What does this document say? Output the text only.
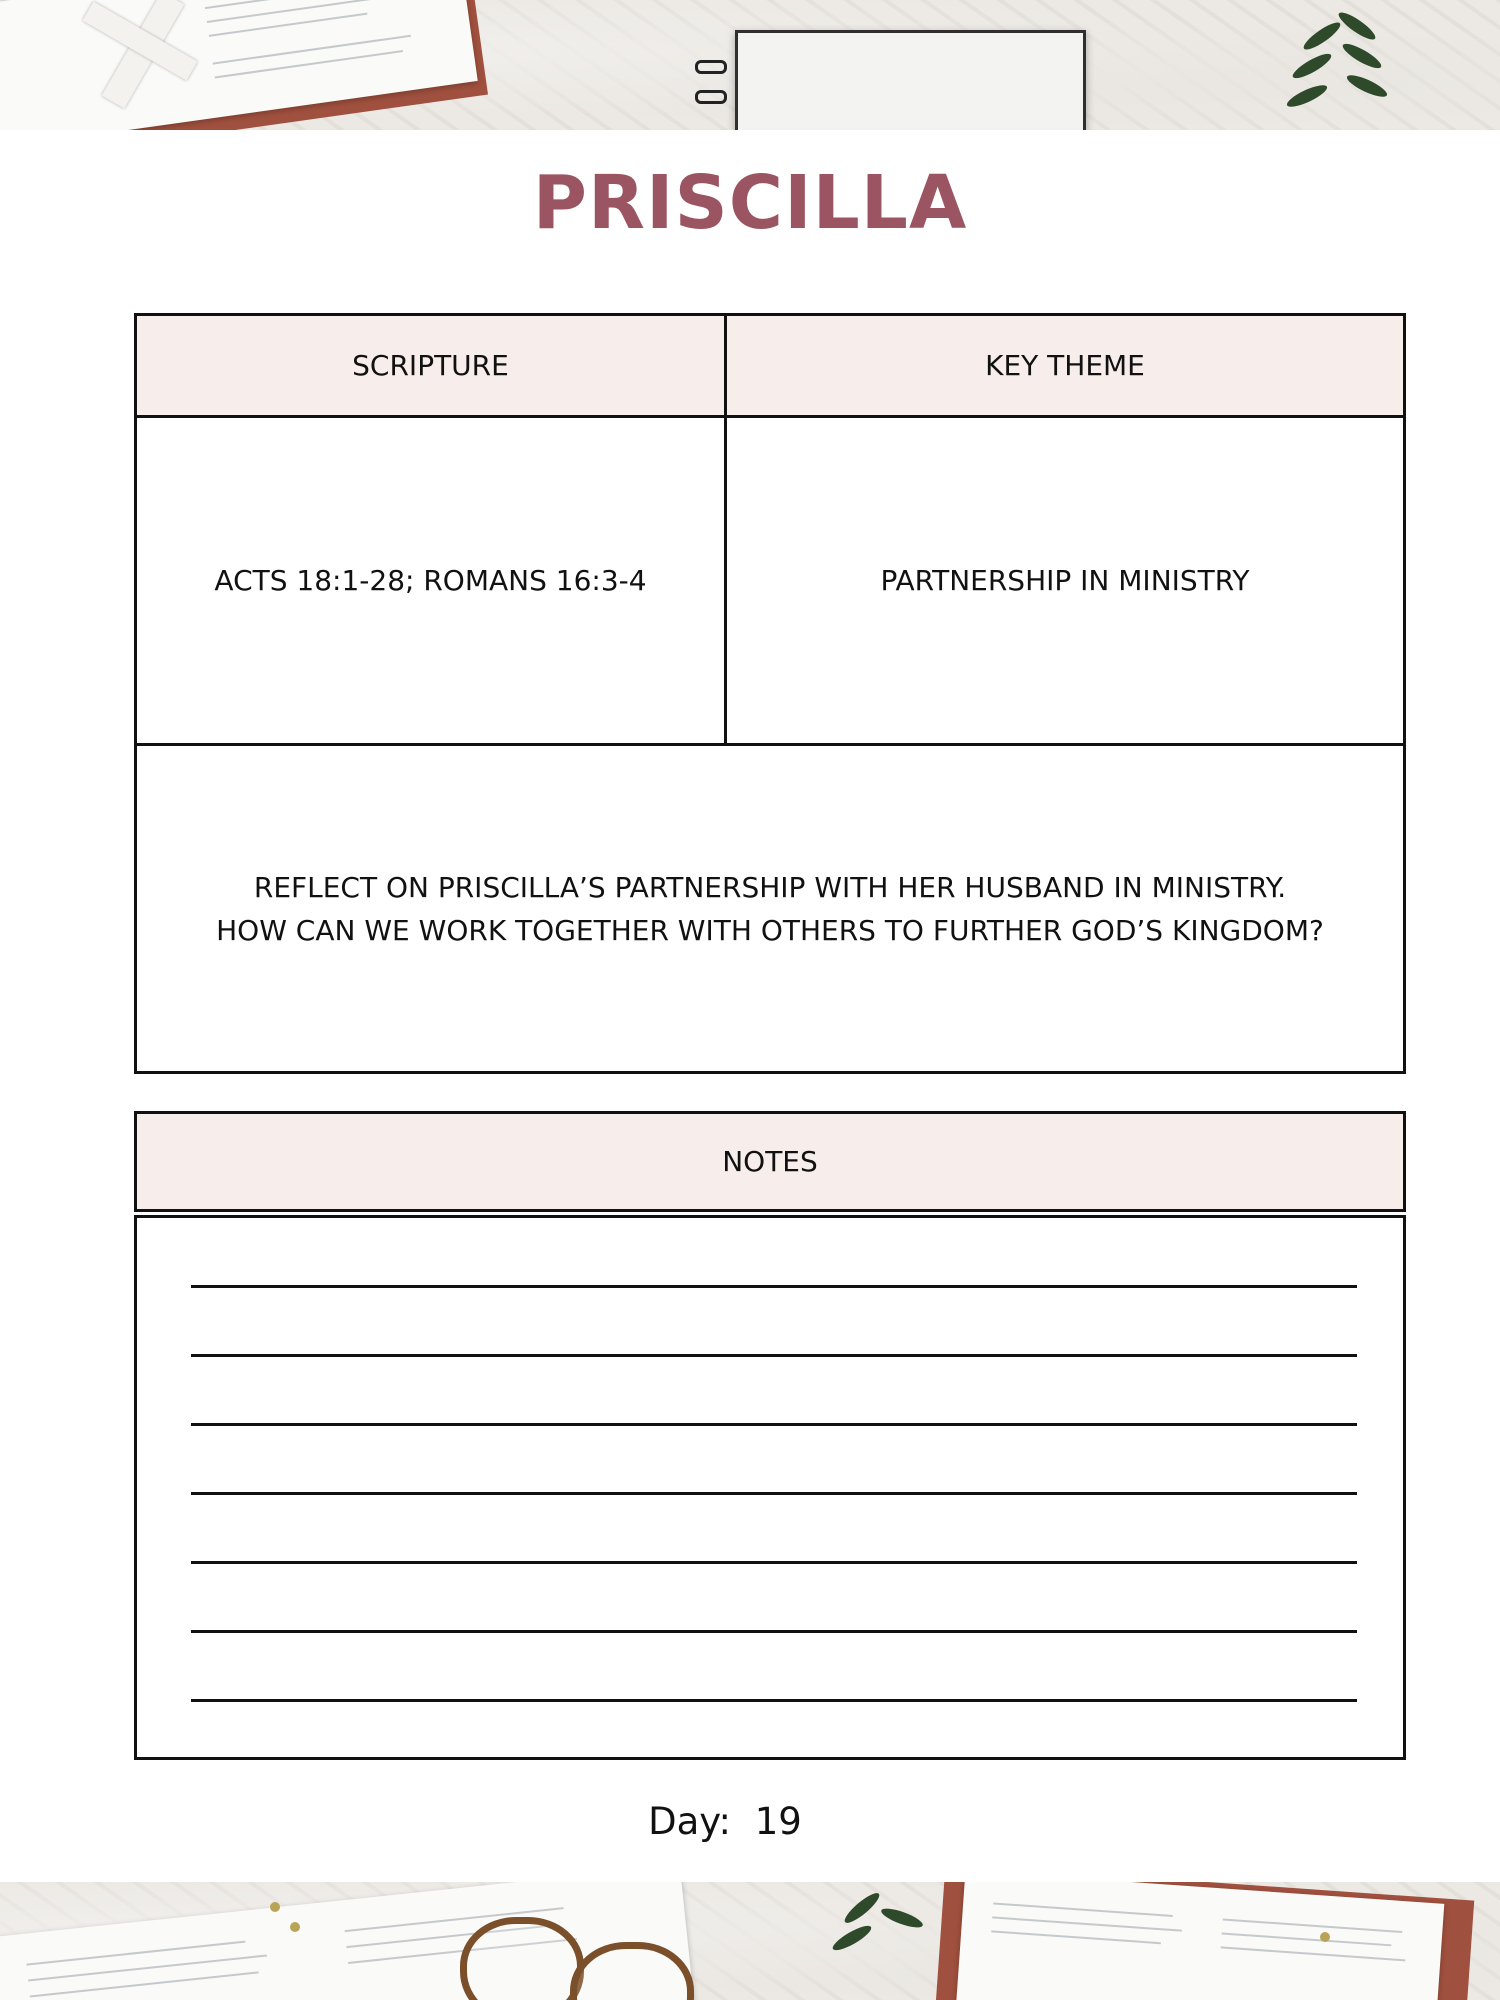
PRISCILLA
SCRIPTURE	KEY THEME
ACTS 18:1-28; ROMANS 16:3-4	PARTNERSHIP IN MINISTRY
REFLECT ON PRISCILLA’S PARTNERSHIP WITH HER HUSBAND IN MINISTRY.
HOW CAN WE WORK TOGETHER WITH OTHERS TO FURTHER GOD’S KINGDOM?
NOTES
Day: 19
